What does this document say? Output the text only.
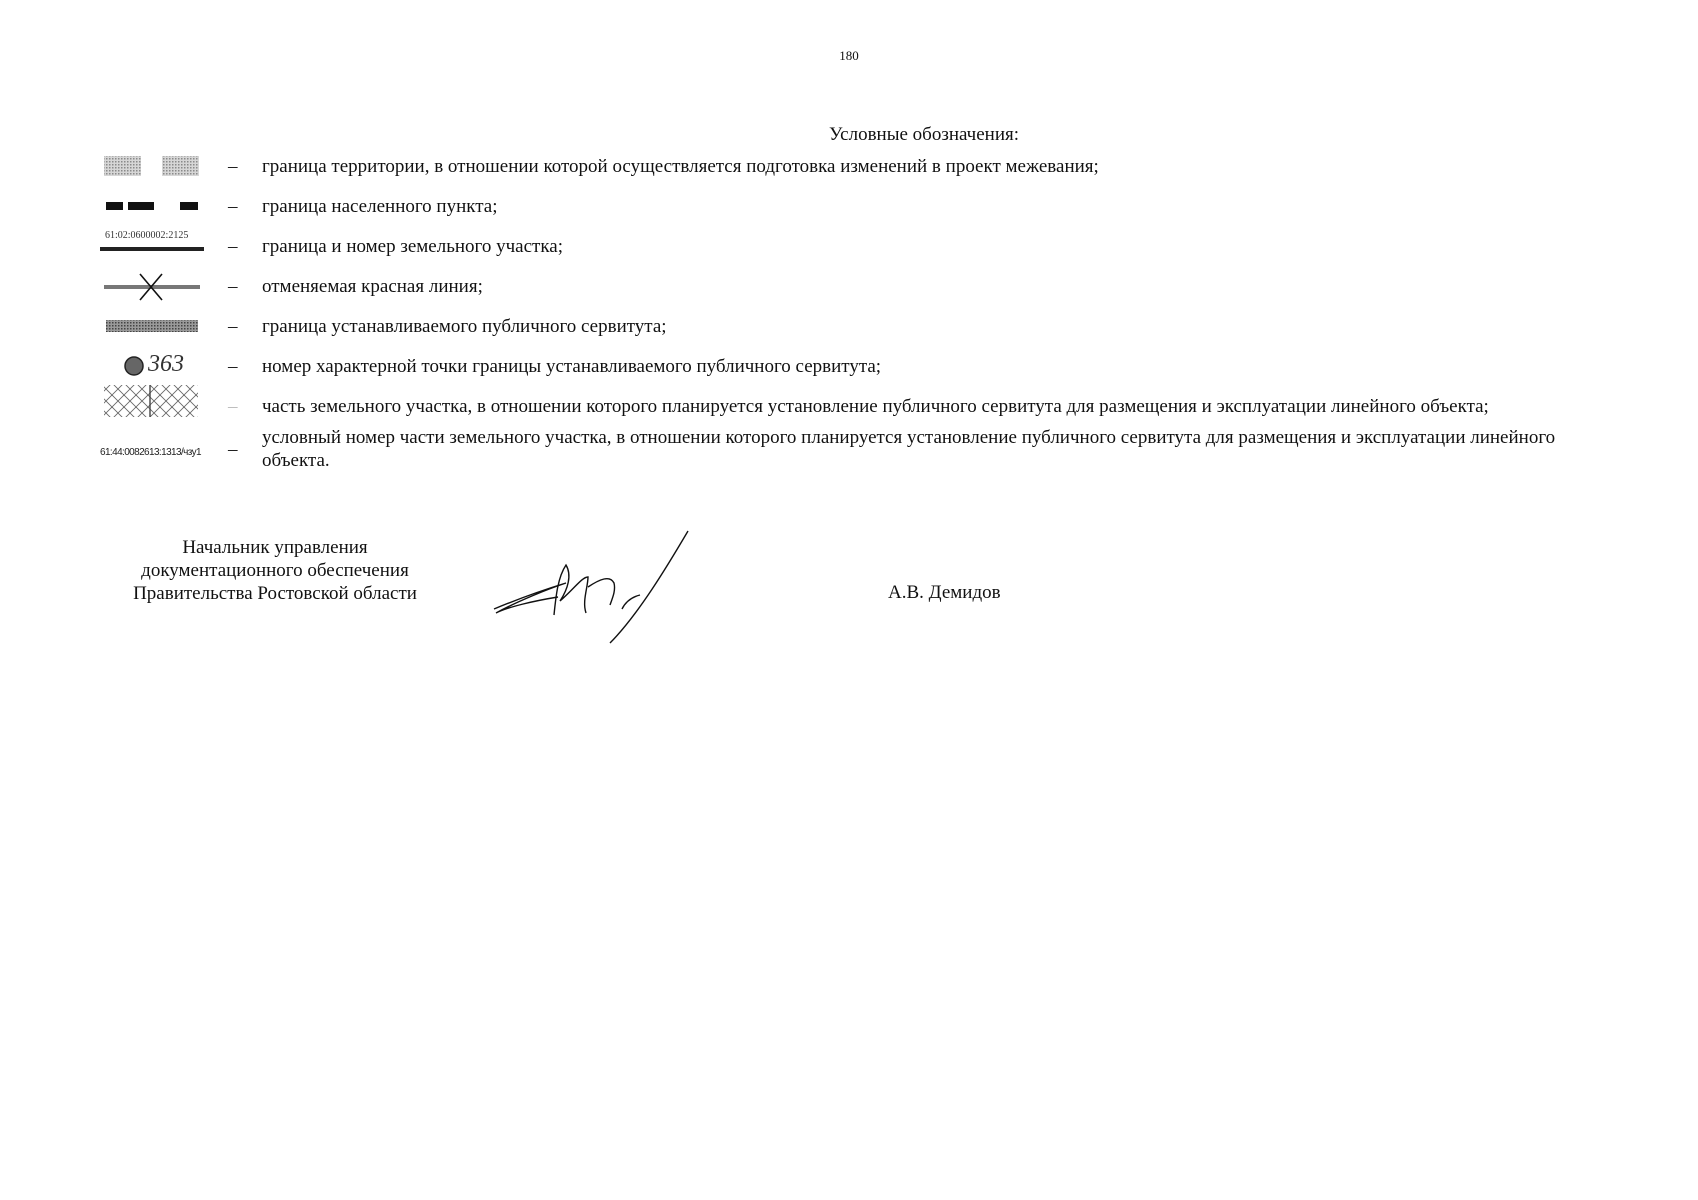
180
Условные обозначения:
– граница территории, в отношении которой осуществляется подготовка изменений в проект межевания;
– граница населенного пункта;
61:02:0600002:2125
– граница и номер земельного участка;
– отменяемая красная линия;
– граница устанавливаемого публичного сервитута;
363 – номер характерной точки границы устанавливаемого публичного сервитута;
– часть земельного участка, в отношении которого планируется установление публичного сервитута для размещения и эксплуатации линейного объекта;
61:44:0082613:1313/чзу1	–
условный номер части земельного участка, в отношении которого планируется установление публичного сервитута для размещения и эксплуатации линейного объекта.
Начальник управления
документационного обеспечения
Правительства Ростовской области	А.В. Демидов
